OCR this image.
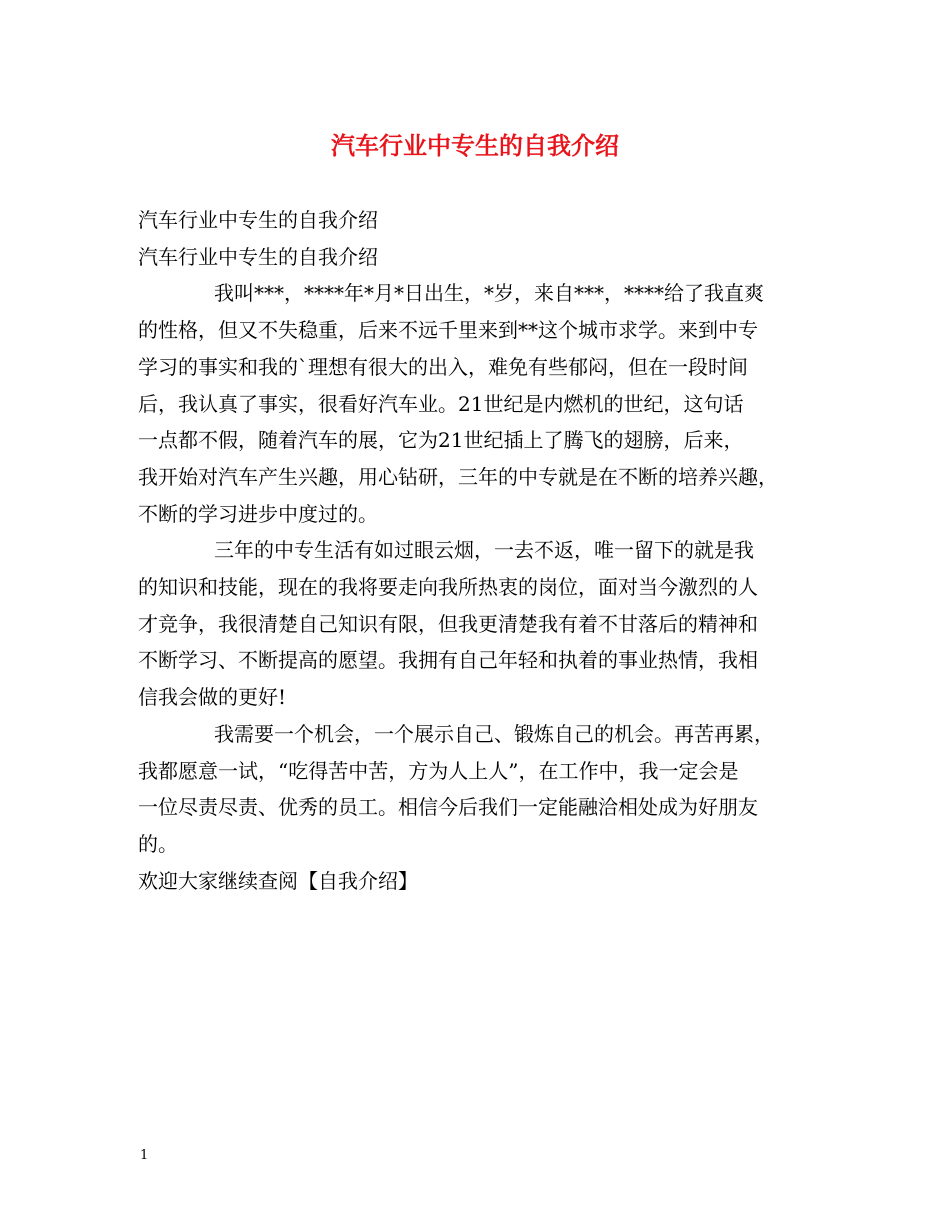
汽车行业中专生的自我介绍

汽车行业中专生的自我介绍

汽车行业中专生的自我介绍

我叫***，****年*月*日出生，*岁，来自***，****给了我直爽

的性格，但又不失稳重，后来不远千里来到**这个城市求学。来到中专

学习的事实和我的`理想有很大的出入，难免有些郁闷，但在一段时间

后，我认真了事实，很看好汽车业。21世纪是内燃机的世纪，这句话

一点都不假，随着汽车的展，它为21世纪插上了腾飞的翅膀，后来，

我开始对汽车产生兴趣，用心钻研，三年的中专就是在不断的培养兴趣，

不断的学习进步中度过的。

三年的中专生活有如过眼云烟，一去不返，唯一留下的就是我

的知识和技能，现在的我将要走向我所热衷的岗位，面对当今激烈的人

才竞争，我很清楚自己知识有限，但我更清楚我有着不甘落后的精神和

不断学习、不断提高的愿望。我拥有自己年轻和执着的事业热情，我相

信我会做的更好!

我需要一个机会，一个展示自己、锻炼自己的机会。再苦再累，

我都愿意一试，“吃得苦中苦，方为人上人”，在工作中，我一定会是

一位尽责尽责、优秀的员工。相信今后我们一定能融洽相处成为好朋友

的。

欢迎大家继续查阅【自我介绍】

1
